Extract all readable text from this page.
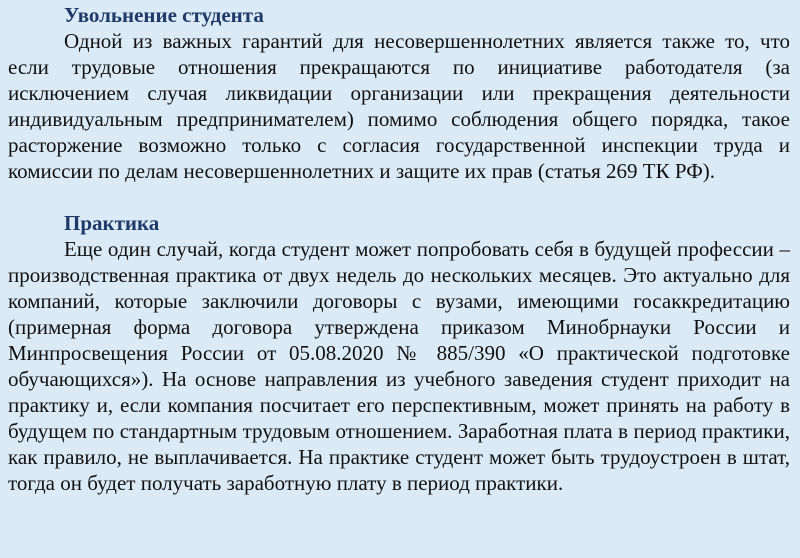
Увольнение студента

Одной из важных гарантий для несовершеннолетних является также то, что если трудовые отношения прекращаются по инициативе работодателя (за исключением случая ликвидации организации или прекращения деятельности индивидуальным предпринимателем) помимо соблюдения общего порядка, такое расторжение возможно только с согласия государственной инспекции труда и комиссии по делам несовершеннолетних и защите их прав (статья 269 ТК РФ).

Практика

Еще один случай, когда студент может попробовать себя в будущей профессии – производственная практика от двух недель до нескольких месяцев. Это актуально для компаний, которые заключили договоры с вузами, имеющими госаккредитацию (примерная форма договора утверждена приказом Минобрнауки России и Минпросвещения России от 05.08.2020 № 885/390 «О практической подготовке обучающихся»). На основе направления из учебного заведения студент приходит на практику и, если компания посчитает его перспективным, может принять на работу в будущем по стандартным трудовым отношением. Заработная плата в период практики, как правило, не выплачивается. На практике студент может быть трудоустроен в штат, тогда он будет получать заработную плату в период практики.
